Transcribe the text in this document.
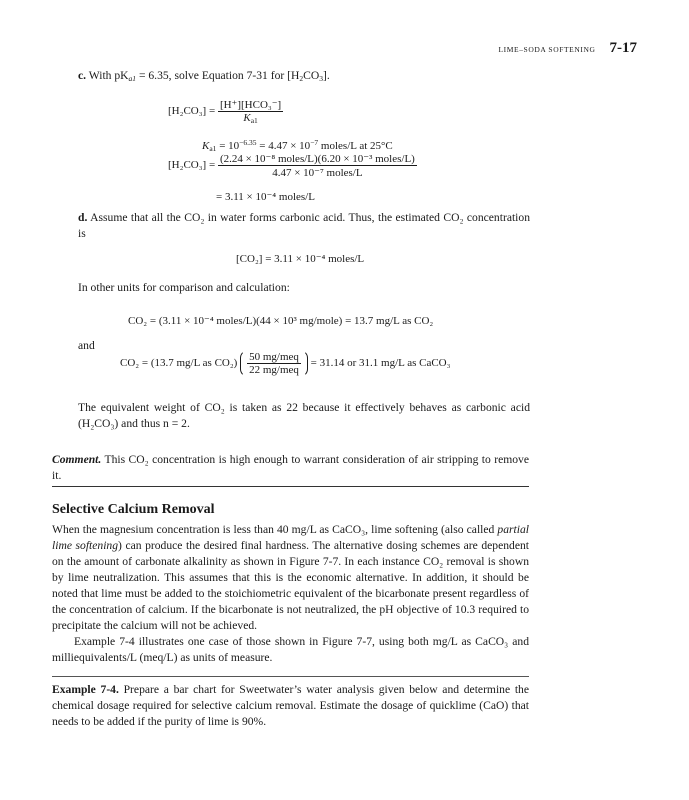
LIME–SODA SOFTENING 7-17
c. With $pK_{a1} = 6.35$, solve Equation 7-31 for $[H_2CO_3]$.
$[H_2CO_3] = \frac{\text{[H⁺][HCO₃⁻]}}{K_{a1}}$
$K_{a1} = 10^{-6.35} = 4.47 \times 10^{-7}$ moles/L at 25°C
$[H_2CO_3] = \frac{\text{(2.24 × 10⁻⁸ moles/L)(6.20 × 10⁻³ moles/L)}}{\text{4.47 × 10⁻⁷ moles/L}}$
= 3.11 × 10⁻⁴ moles/L
d. Assume that all the CO₂ in water forms carbonic acid. Thus, the estimated CO₂ concentration is
[CO₂] = 3.11 × 10⁻⁴ moles/L
In other units for comparison and calculation:
CO₂ = (3.11 × 10⁻⁴ moles/L)(44 × 10³ mg/mole) = 13.7 mg/L as CO₂
and
CO₂ = (13.7 mg/L as $CO_2) \frac{\text{50 mg/meq}}{\text{22 mg/meq}} = 31.14$ or 31.1 mg/L as CaCO₃
The equivalent weight of CO₂ is taken as 22 because it effectively behaves as carbonic acid (H₂CO₃) and thus n = 2.
Comment. This CO₂ concentration is high enough to warrant consideration of air stripping to remove it.
Selective Calcium Removal
When the magnesium concentration is less than 40 mg/L as CaCO₃, lime softening (also called partial lime softening) can produce the desired final hardness. The alternative dosing schemes are dependent on the amount of carbonate alkalinity as shown in Figure 7-7. In each instance CO₂ removal is shown by lime neutralization. This assumes that this is the economic alternative. In addition, it should be noted that lime must be added to the stoichiometric equivalent of the bicarbonate present regardless of the concentration of calcium. If the bicarbonate is not neutralized, the pH objective of 10.3 required to precipitate the calcium will not be achieved.
Example 7-4 illustrates one case of those shown in Figure 7-7, using both mg/L as CaCO₃ and milliequivalents/L (meq/L) as units of measure.
Example 7-4. Prepare a bar chart for Sweetwater’s water analysis given below and determine the chemical dosage required for selective calcium removal. Estimate the dosage of quicklime (CaO) that needs to be added if the purity of lime is 90%.
